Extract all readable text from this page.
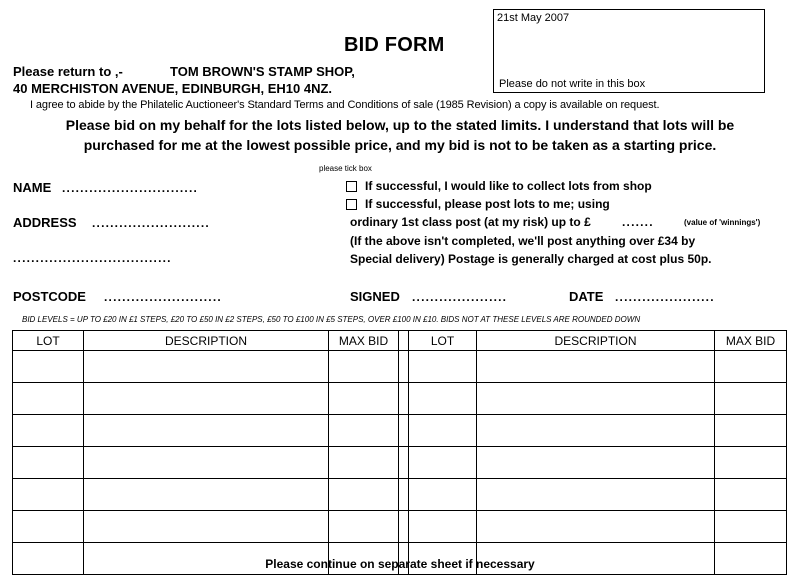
21st May 2007
Please do not write in this box
BID FORM
Please return to ,-	TOM BROWN'S STAMP SHOP,
40 MERCHISTON AVENUE, EDINBURGH, EH10 4NZ.
I agree to abide by the Philatelic Auctioneer's Standard Terms and Conditions of sale (1985 Revision) a copy is available on request.
Please bid on my behalf for the lots listed below, up to the stated limits. I understand that lots will be
purchased for me at the lowest possible price, and my bid is not to be taken as a starting price.
NAME ..............................
ADDRESS ..........................
...................................
POSTCODE ..........................
please tick box
If successful, I would like to collect lots from shop
If successful, please post lots to me; using
ordinary 1st class post (at my risk) up to £	.......	(value of 'winnings')
(If the above isn't completed, we'll post anything over £34 by
Special delivery) Postage is generally charged at cost plus 50p.
SIGNED .....................	DATE ......................
BID LEVELS = UP TO £20 IN £1 STEPS, £20 TO £50 IN £2 STEPS, £50 TO £100 IN £5 STEPS, OVER £100 IN £10. BIDS NOT AT THESE LEVELS ARE ROUNDED DOWN
LOT	DESCRIPTION	MAX BID		LOT	DESCRIPTION	MAX BID

Please continue on separate sheet if necessary
